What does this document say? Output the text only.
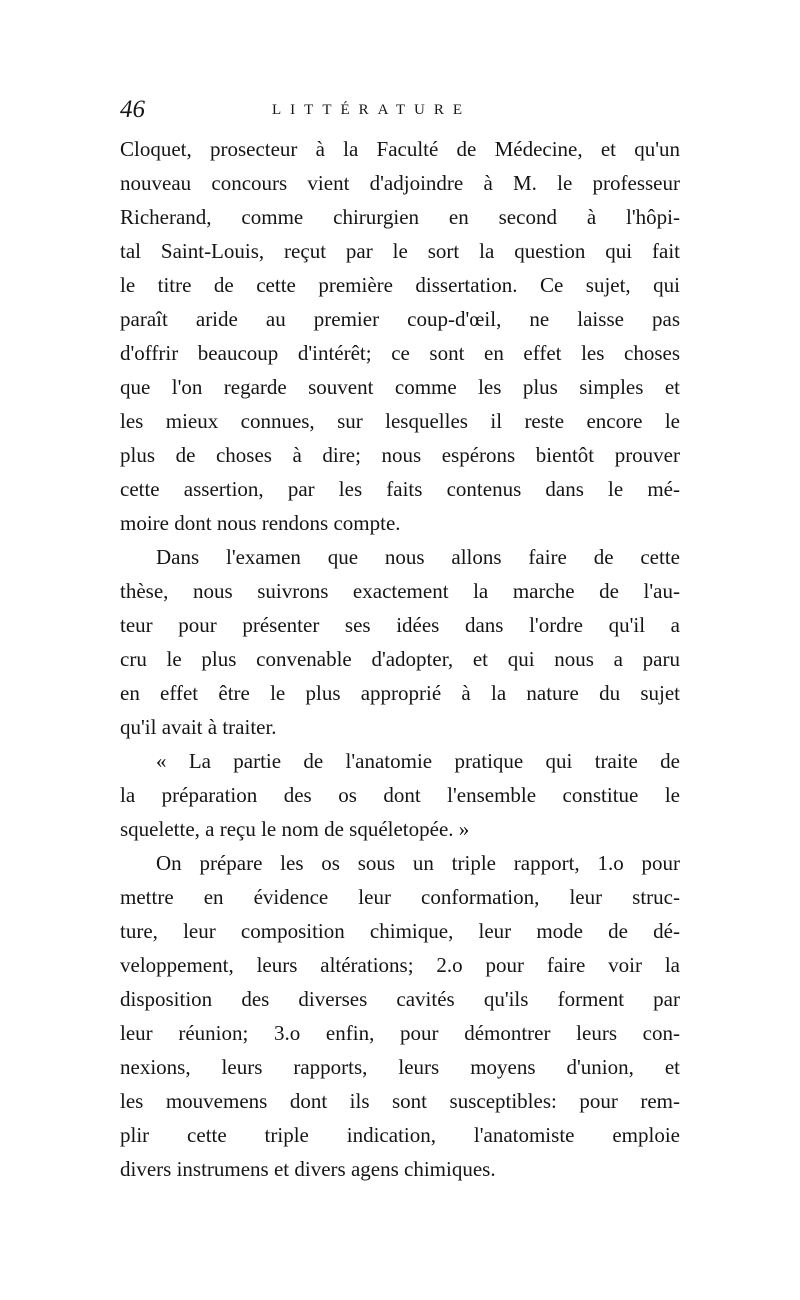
46	LITTÉRATURE
Cloquet, prosecteur à la Faculté de Médecine, et qu'un
nouveau concours vient d'adjoindre à M. le professeur
Richerand, comme chirurgien en second à l'hôpi-
tal Saint-Louis, reçut par le sort la question qui fait
le titre de cette première dissertation. Ce sujet, qui
paraît aride au premier coup-d'œil, ne laisse pas
d'offrir beaucoup d'intérêt; ce sont en effet les choses
que l'on regarde souvent comme les plus simples et
les mieux connues, sur lesquelles il reste encore le
plus de choses à dire; nous espérons bientôt prouver
cette assertion, par les faits contenus dans le mé-
moire dont nous rendons compte.
Dans l'examen que nous allons faire de cette
thèse, nous suivrons exactement la marche de l'au-
teur pour présenter ses idées dans l'ordre qu'il a
cru le plus convenable d'adopter, et qui nous a paru
en effet être le plus approprié à la nature du sujet
qu'il avait à traiter.
« La partie de l'anatomie pratique qui traite de
la préparation des os dont l'ensemble constitue le
squelette, a reçu le nom de squéletopée. »
On prépare les os sous un triple rapport, 1.o pour
mettre en évidence leur conformation, leur struc-
ture, leur composition chimique, leur mode de dé-
veloppement, leurs altérations; 2.o pour faire voir la
disposition des diverses cavités qu'ils forment par
leur réunion; 3.o enfin, pour démontrer leurs con-
nexions, leurs rapports, leurs moyens d'union, et
les mouvemens dont ils sont susceptibles: pour rem-
plir cette triple indication, l'anatomiste emploie
divers instrumens et divers agens chimiques.
